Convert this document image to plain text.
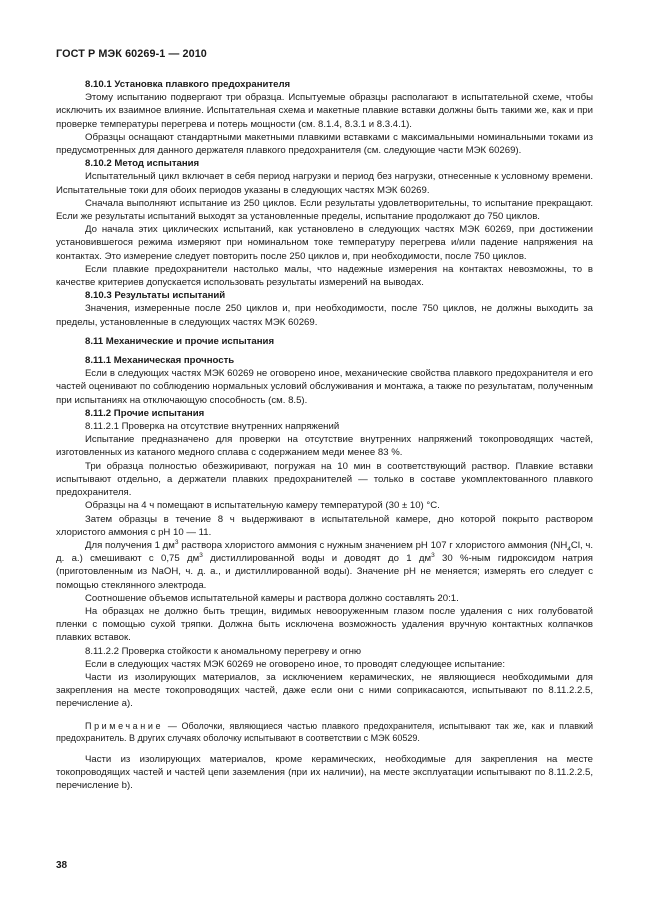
ГОСТ Р МЭК 60269-1 — 2010

8.10.1 Установка плавкого предохранителя

Этому испытанию подвергают три образца. Испытуемые образцы располагают в испытательной схеме, чтобы исключить их взаимное влияние. Испытательная схема и макетные плавкие вставки должны быть такими же, как и при проверке температуры перегрева и потерь мощности (см. 8.1.4, 8.3.1 и 8.3.4.1).

Образцы оснащают стандартными макетными плавкими вставками с максимальными номинальными токами из предусмотренных для данного держателя плавкого предохранителя (см. следующие части МЭК 60269).

8.10.2 Метод испытания

Испытательный цикл включает в себя период нагрузки и период без нагрузки, отнесенные к условному времени. Испытательные токи для обоих периодов указаны в следующих частях МЭК 60269.

Сначала выполняют испытание из 250 циклов. Если результаты удовлетворительны, то испытание прекращают. Если же результаты испытаний выходят за установленные пределы, испытание продолжают до 750 циклов.

До начала этих циклических испытаний, как установлено в следующих частях МЭК 60269, при достижении установившегося режима измеряют при номинальном токе температуру перегрева и/или падение напряжения на контактах. Это измерение следует повторить после 250 циклов и, при необходимости, после 750 циклов.

Если плавкие предохранители настолько малы, что надежные измерения на контактах невозможны, то в качестве критериев допускается использовать результаты измерений на выводах.

8.10.3 Результаты испытаний

Значения, измеренные после 250 циклов и, при необходимости, после 750 циклов, не должны выходить за пределы, установленные в следующих частях МЭК 60269.

8.11 Механические и прочие испытания

8.11.1 Механическая прочность

Если в следующих частях МЭК 60269 не оговорено иное, механические свойства плавкого предохранителя и его частей оценивают по соблюдению нормальных условий обслуживания и монтажа, а также по результатам, полученным при испытаниях на отключающую способность (см. 8.5).

8.11.2 Прочие испытания

8.11.2.1 Проверка на отсутствие внутренних напряжений

Испытание предназначено для проверки на отсутствие внутренних напряжений токопроводящих частей, изготовленных из катаного медного сплава с содержанием меди менее 83 %.

Три образца полностью обезжиривают, погружая на 10 мин в соответствующий раствор. Плавкие вставки испытывают отдельно, а держатели плавких предохранителей — только в составе укомплектованного плавкого предохранителя.

Образцы на 4 ч помещают в испытательную камеру температурой (30 ± 10) °С.

Затем образцы в течение 8 ч выдерживают в испытательной камере, дно которой покрыто раствором хлористого аммония с pH 10 — 11.

Для получения 1 $дм^3$ раствора хлористого аммония с нужным значением pH 107 г хлористого аммония ($NH_4Cl$, ч. д. а.) смешивают с 0,75 $дм^3$ дистиллированной воды и доводят до 1 $дм^3$ 30 %-ным гидроксидом натрия (приготовленным из NaOH, ч. д. а., и дистиллированной воды). Значение pH не меняется; измерять его следует с помощью стеклянного электрода.

Соотношение объемов испытательной камеры и раствора должно составлять 20:1.

На образцах не должно быть трещин, видимых невооруженным глазом после удаления с них голубоватой пленки с помощью сухой тряпки. Должна быть исключена возможность удаления вручную контактных колпачков плавких вставок.

8.11.2.2 Проверка стойкости к аномальному перегреву и огню

Если в следующих частях МЭК 60269 не оговорено иное, то проводят следующее испытание:

Части из изолирующих материалов, за исключением керамических, не являющиеся необходимыми для закрепления на месте токопроводящих частей, даже если они с ними соприкасаются, испытывают по 8.11.2.2.5, перечисление а).

Примечание — Оболочки, являющиеся частью плавкого предохранителя, испытывают так же, как и плавкий предохранитель. В других случаях оболочку испытывают в соответствии с МЭК 60529.

Части из изолирующих материалов, кроме керамических, необходимые для закрепления на месте токопроводящих частей и частей цепи заземления (при их наличии), на месте эксплуатации испытывают по 8.11.2.2.5, перечисление b).

38
